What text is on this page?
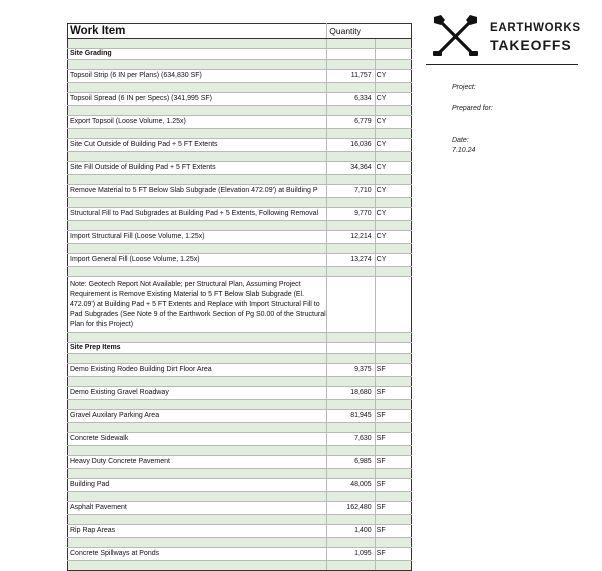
Work Item	Quantity	

Site Grading		

Topsoil Strip (6 IN per Plans) (634,830 SF)	11,757	CY

Topsoil Spread (6 IN per Specs) (341,995 SF)	6,334	CY

Export Topsoil (Loose Volume, 1.25x)	6,779	CY

Site Cut Outside of Building Pad + 5 FT Extents	16,036	CY

Site Fill Outside of Building Pad + 5 FT Extents	34,364	CY

Remove Material to 5 FT Below Slab Subgrade (Elevation 472.09') at Building P	7,710	CY

Structural Fill to Pad Subgrades at Building Pad + 5 Extents, Following Removal	9,770	CY

Import Structural Fill (Loose Volume, 1.25x)	12,214	CY

Import General Fill (Loose Volume, 1.25x)	13,274	CY

Note: Geotech Report Not Available; per Structural Plan, Assuming Project Requirement is Remove Existing Material to 5 FT Below Slab Subgrade (El. 472.09') at Building Pad + 5 FT Extents and Replace with Import Structural Fill to Pad Subgrades (See Note 9 of the Earthwork Section of Pg S0.00 of the Structural Plan for this Project)		

Site Prep Items		

Demo Existing Rodeo Building Dirt Floor Area	9,375	SF

Demo Existing Gravel Roadway	18,680	SF

Gravel Auxilary Parking Area	81,945	SF

Concrete Sidewalk	7,630	SF

Heavy Duty Concrete Pavement	6,985	SF

Building Pad	48,005	SF

Asphalt Pavement	162,480	SF

Rip Rap Areas	1,400	SF

Concrete Spillways at Ponds	1,095	SF

EARTHWORKS
TAKEOFFS
Project:
Prepared for:
Date:
7.10.24
